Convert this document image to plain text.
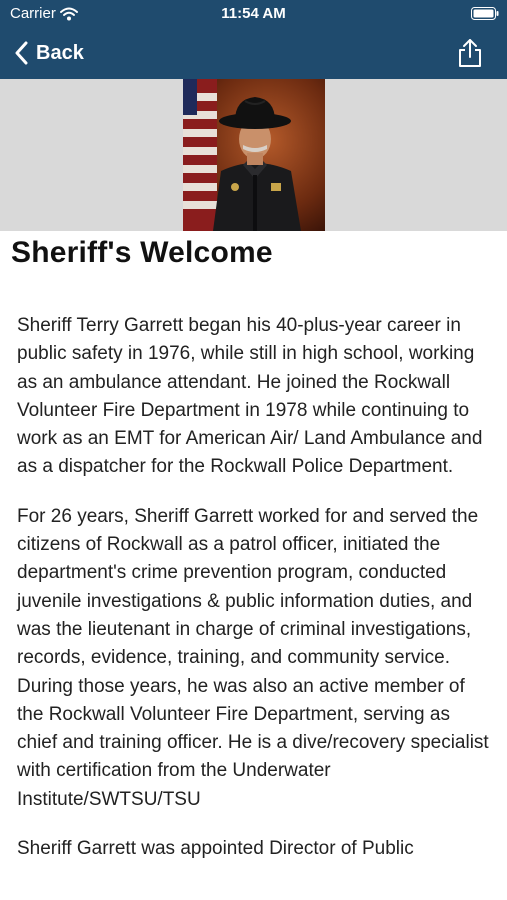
Carrier	11:54 AM
Back
Sheriff's Welcome

Sheriff Terry Garrett began his 40-plus-year career in public safety in 1976, while still in high school, working as an ambulance attendant. He joined the Rockwall Volunteer Fire Department in 1978 while continuing to work as an EMT for American Air/ Land Ambulance and as a dispatcher for the Rockwall Police Department.

For 26 years, Sheriff Garrett worked for and served the citizens of Rockwall as a patrol officer, initiated the department's crime prevention program, conducted juvenile investigations & public information duties, and was the lieutenant in charge of criminal investigations, records, evidence, training, and community service. During those years, he was also an active member of the Rockwall Volunteer Fire Department, serving as chief and training officer. He is a dive/recovery specialist with certification from the Underwater Institute/SWTSU/TSU

Sheriff Garrett was appointed Director of Public
